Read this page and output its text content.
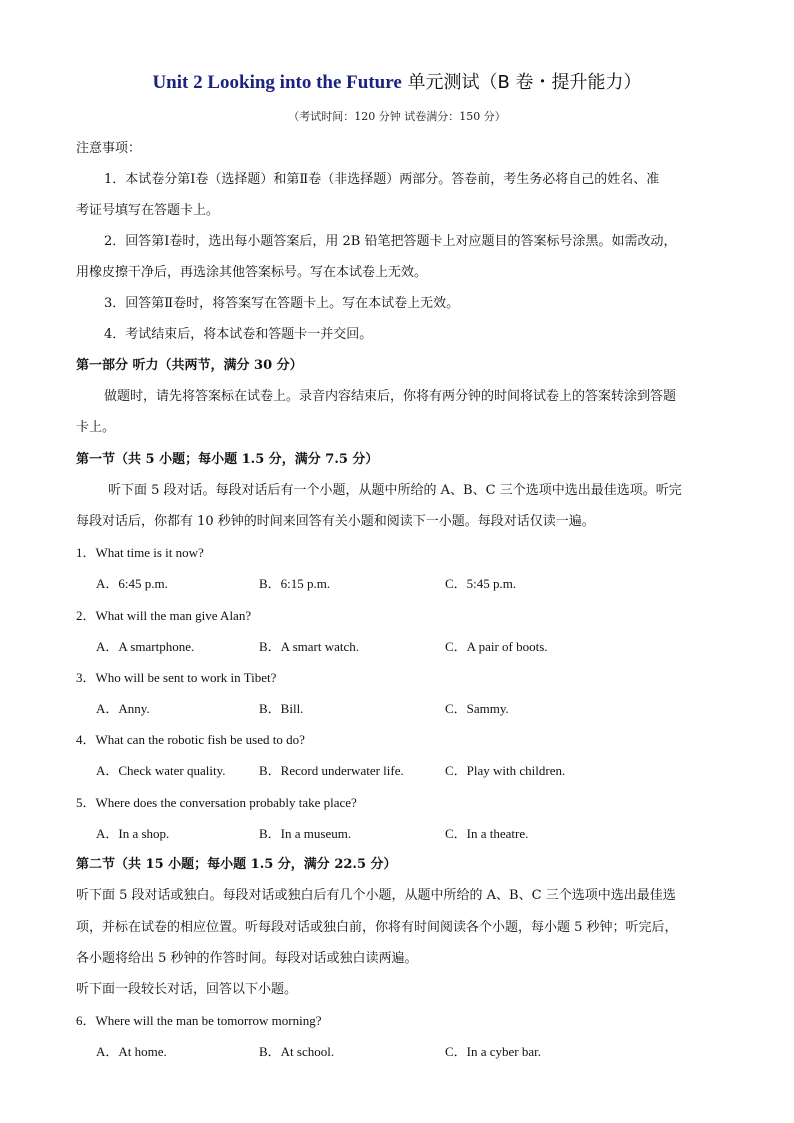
Unit 2 Looking into the Future 单元测试（B 卷・提升能力）
（考试时间：120 分钟 试卷满分：150 分）
注意事项：
1．本试卷分第Ⅰ卷（选择题）和第Ⅱ卷（非选择题）两部分。答卷前，考生务必将自己的姓名、准
考证号填写在答题卡上。
2．回答第Ⅰ卷时，选出每小题答案后，用 2B 铅笔把答题卡上对应题目的答案标号涂黑。如需改动，
用橡皮擦干净后，再选涂其他答案标号。写在本试卷上无效。
3．回答第Ⅱ卷时，将答案写在答题卡上。写在本试卷上无效。
4．考试结束后，将本试卷和答题卡一并交回。
第一部分 听力（共两节，满分 30 分）
做题时，请先将答案标在试卷上。录音内容结束后，你将有两分钟的时间将试卷上的答案转涂到答题
卡上。
第一节（共 5 小题；每小题 1.5 分，满分 7.5 分）
听下面 5 段对话。每段对话后有一个小题，从题中所给的 A、B、C 三个选项中选出最佳选项。听完
每段对话后，你都有 10 秒钟的时间来回答有关小题和阅读下一小题。每段对话仅读一遍。
1．What time is it now?
A．6:45 p.m.	B．6:15 p.m.	C．5:45 p.m.
2．What will the man give Alan?
A．A smartphone.	B．A smart watch.	C．A pair of boots.
3．Who will be sent to work in Tibet?
A．Anny.	B．Bill.	C．Sammy.
4．What can the robotic fish be used to do?
A．Check water quality.	B．Record underwater life.	C．Play with children.
5．Where does the conversation probably take place?
A．In a shop.	B．In a museum.	C．In a theatre.
第二节（共 15 小题；每小题 1.5 分，满分 22.5 分）
听下面 5 段对话或独白。每段对话或独白后有几个小题，从题中所给的 A、B、C 三个选项中选出最佳选
项，并标在试卷的相应位置。听每段对话或独白前，你将有时间阅读各个小题，每小题 5 秒钟；听完后，
各小题将给出 5 秒钟的作答时间。每段对话或独白读两遍。
听下面一段较长对话，回答以下小题。
6．Where will the man be tomorrow morning?
A．At home.	B．At school.	C．In a cyber bar.
